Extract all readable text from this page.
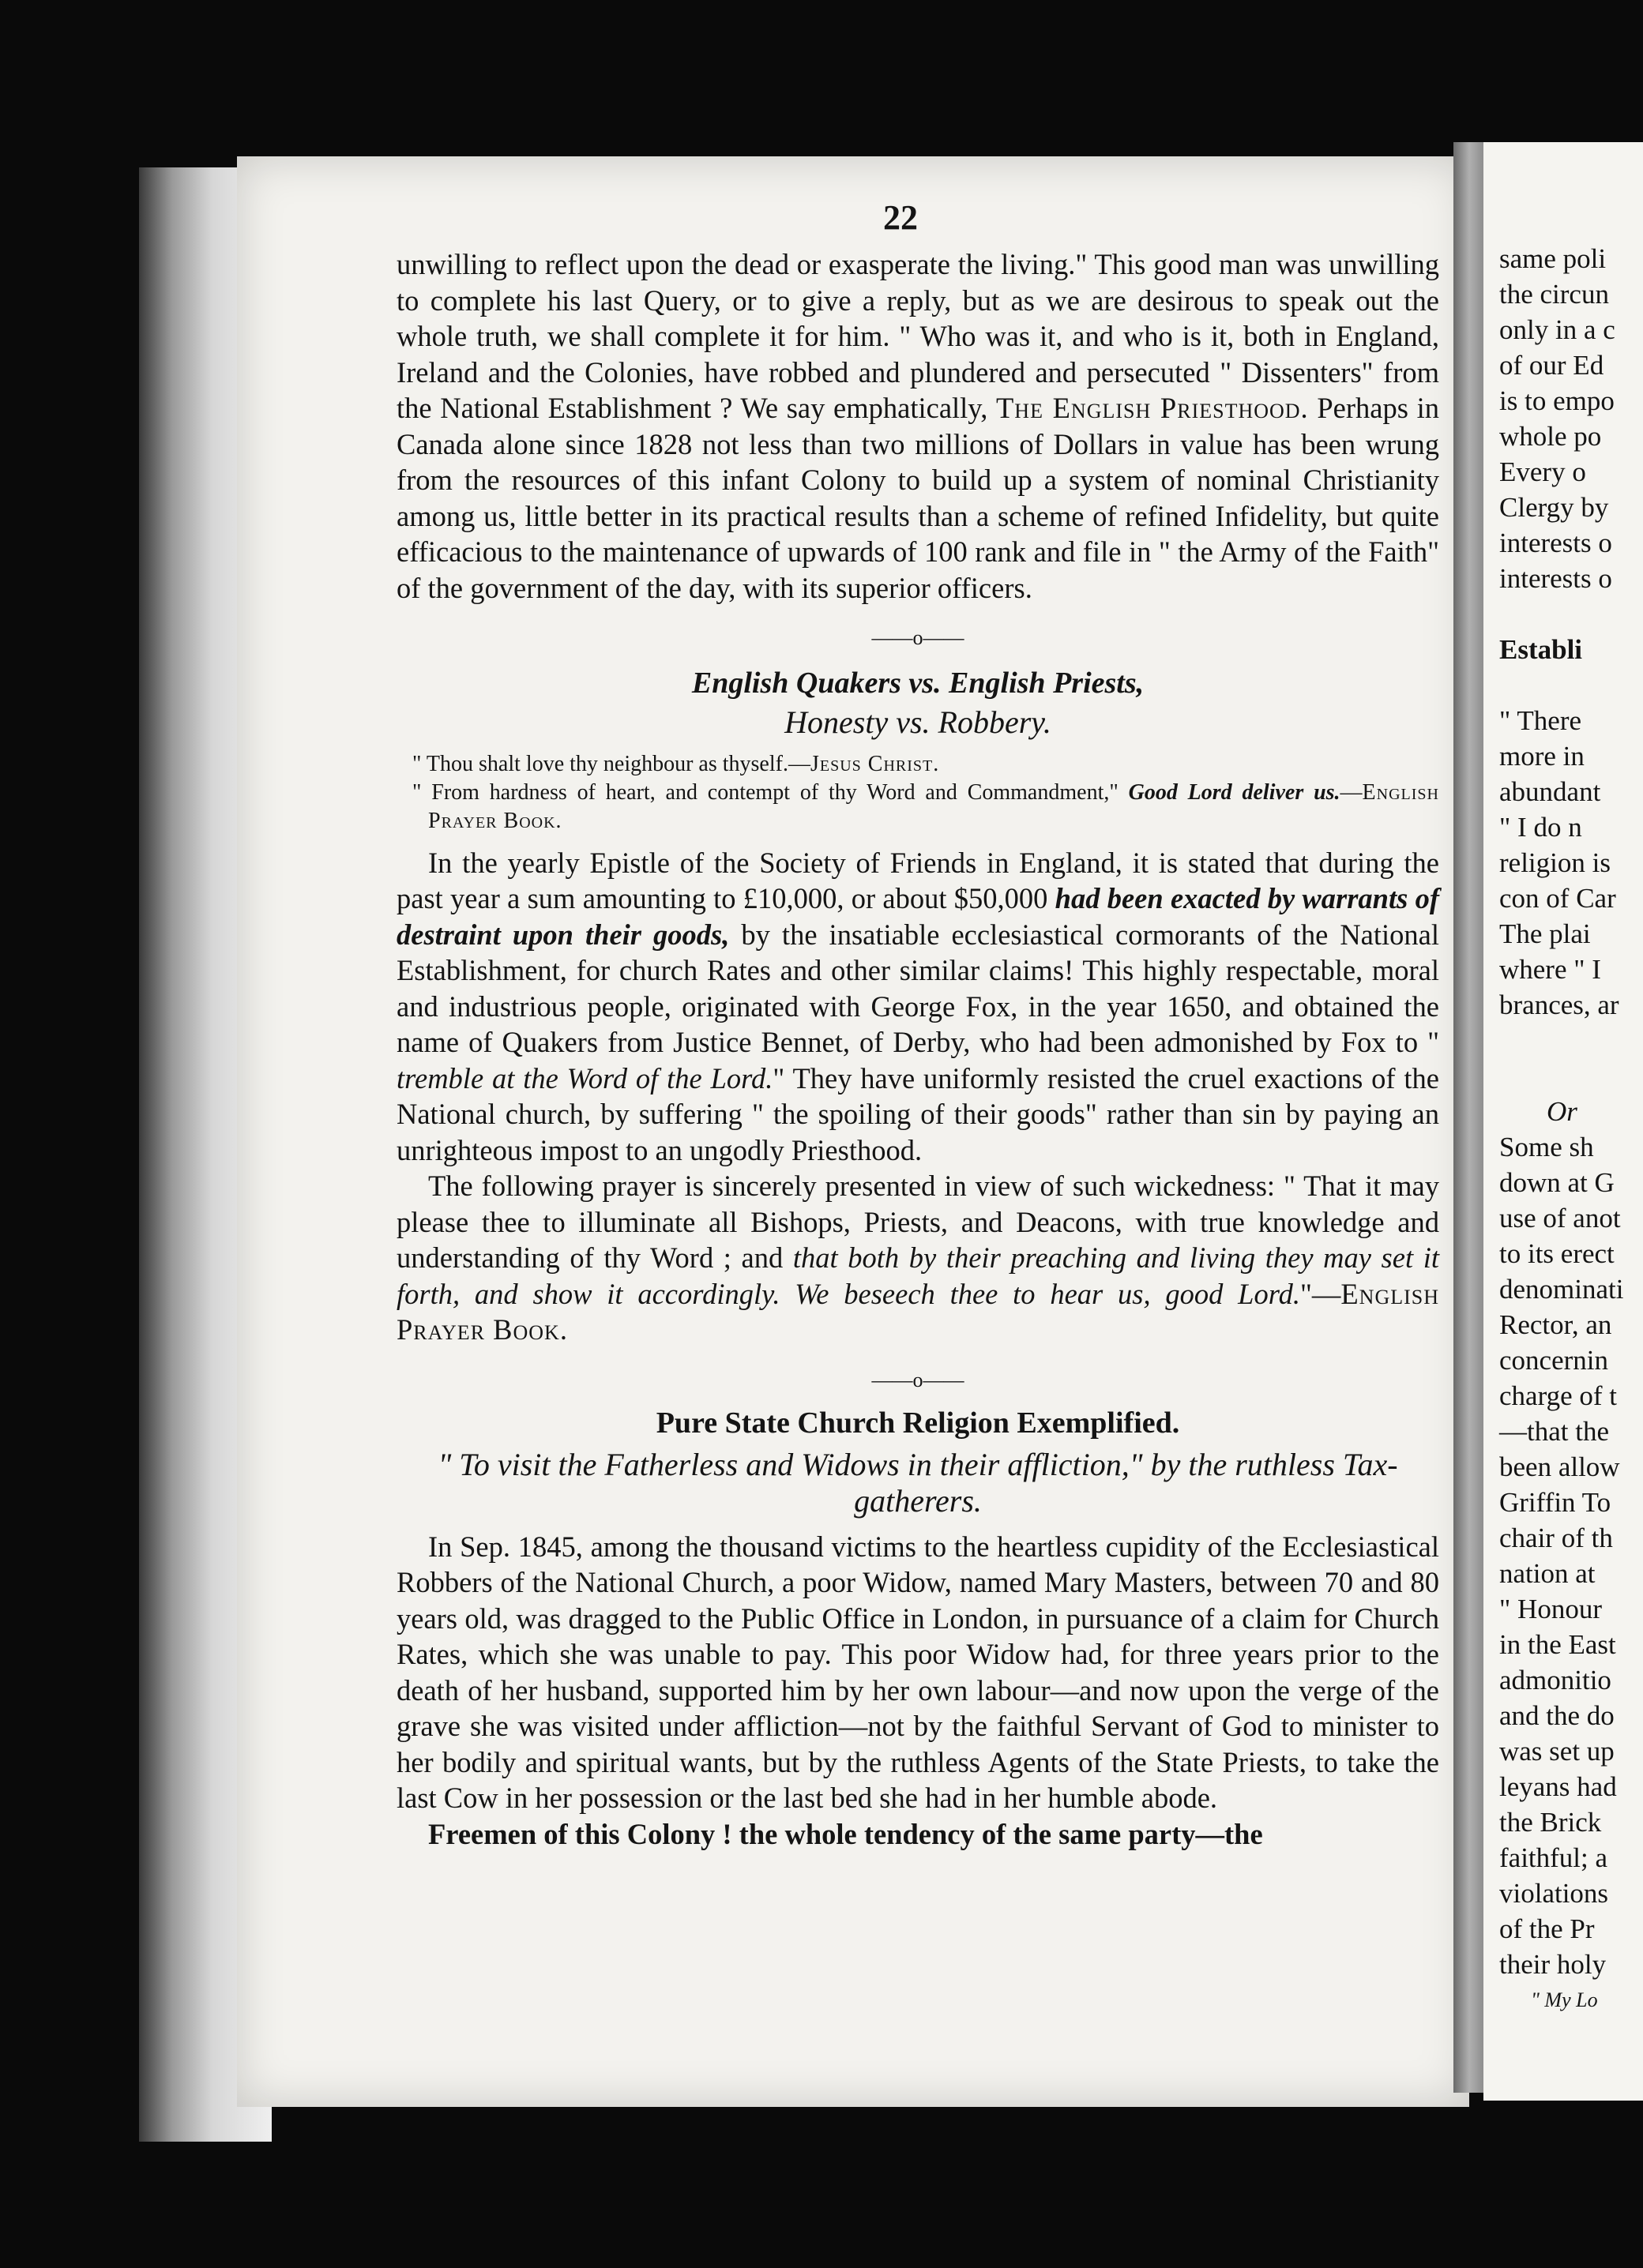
22

unwilling to reflect upon the dead or exasperate the living." This good man was unwilling to complete his last Query, or to give a reply, but as we are desirous to speak out the whole truth, we shall complete it for him. " Who was it, and who is it, both in England, Ireland and the Colonies, have robbed and plundered and persecuted " Dissenters" from the National Establishment ? We say emphatically, The English Priesthood. Perhaps in Canada alone since 1828 not less than two millions of Dollars in value has been wrung from the resources of this infant Colony to build up a system of nominal Christianity among us, little better in its practical results than a scheme of refined Infidelity, but quite efficacious to the maintenance of upwards of 100 rank and file in " the Army of the Faith" of the government of the day, with its superior officers.

——o——
English Quakers vs. English Priests,
Honesty vs. Robbery.

" Thou shalt love thy neighbour as thyself.—Jesus Christ.

" From hardness of heart, and contempt of thy Word and Commandment," Good Lord deliver us.—English Prayer Book.

In the yearly Epistle of the Society of Friends in England, it is stated that during the past year a sum amounting to £10,000, or about $50,000 had been exacted by warrants of destraint upon their goods, by the insatiable ecclesiastical cormorants of the National Establishment, for church Rates and other similar claims! This highly respectable, moral and industrious people, originated with George Fox, in the year 1650, and obtained the name of Quakers from Justice Bennet, of Derby, who had been admonished by Fox to " tremble at the Word of the Lord." They have uniformly resisted the cruel exactions of the National church, by suffering " the spoiling of their goods" rather than sin by paying an unrighteous impost to an ungodly Priesthood.

The following prayer is sincerely presented in view of such wickedness: " That it may please thee to illuminate all Bishops, Priests, and Deacons, with true knowledge and understanding of thy Word ; and that both by their preaching and living they may set it forth, and show it accordingly. We beseech thee to hear us, good Lord."—English Prayer Book.

——o——
Pure State Church Religion Exemplified.
" To visit the Fatherless and Widows in their affliction," by the ruthless Tax-gatherers.

In Sep. 1845, among the thousand victims to the heartless cupidity of the Ecclesiastical Robbers of the National Church, a poor Widow, named Mary Masters, between 70 and 80 years old, was dragged to the Public Office in London, in pursuance of a claim for Church Rates, which she was unable to pay. This poor Widow had, for three years prior to the death of her husband, supported him by her own labour—and now upon the verge of the grave she was visited under affliction—not by the faithful Servant of God to minister to her bodily and spiritual wants, but by the ruthless Agents of the State Priests, to take the last Cow in her possession or the last bed she had in her humble abode.

Freemen of this Colony ! the whole tendency of the same party—the

same poli
the circun
only in a c
of our Ed
is to empo
whole po
Every o
Clergy by
interests o
interests o
Establi
" There
more in
abundant
" I do n
religion is
con of Car
The plai
where " I
brances, ar
Or
Some sh
down at G
use of anot
to its erect
denominati
Rector, an
concernin
charge of t
—that the
been allow
Griffin To
chair of th
nation at
" Honour
in the East
admonitio
and the do
was set up
leyans had
the Brick
faithful; a
violations
of the Pr
their holy
" My Lo
